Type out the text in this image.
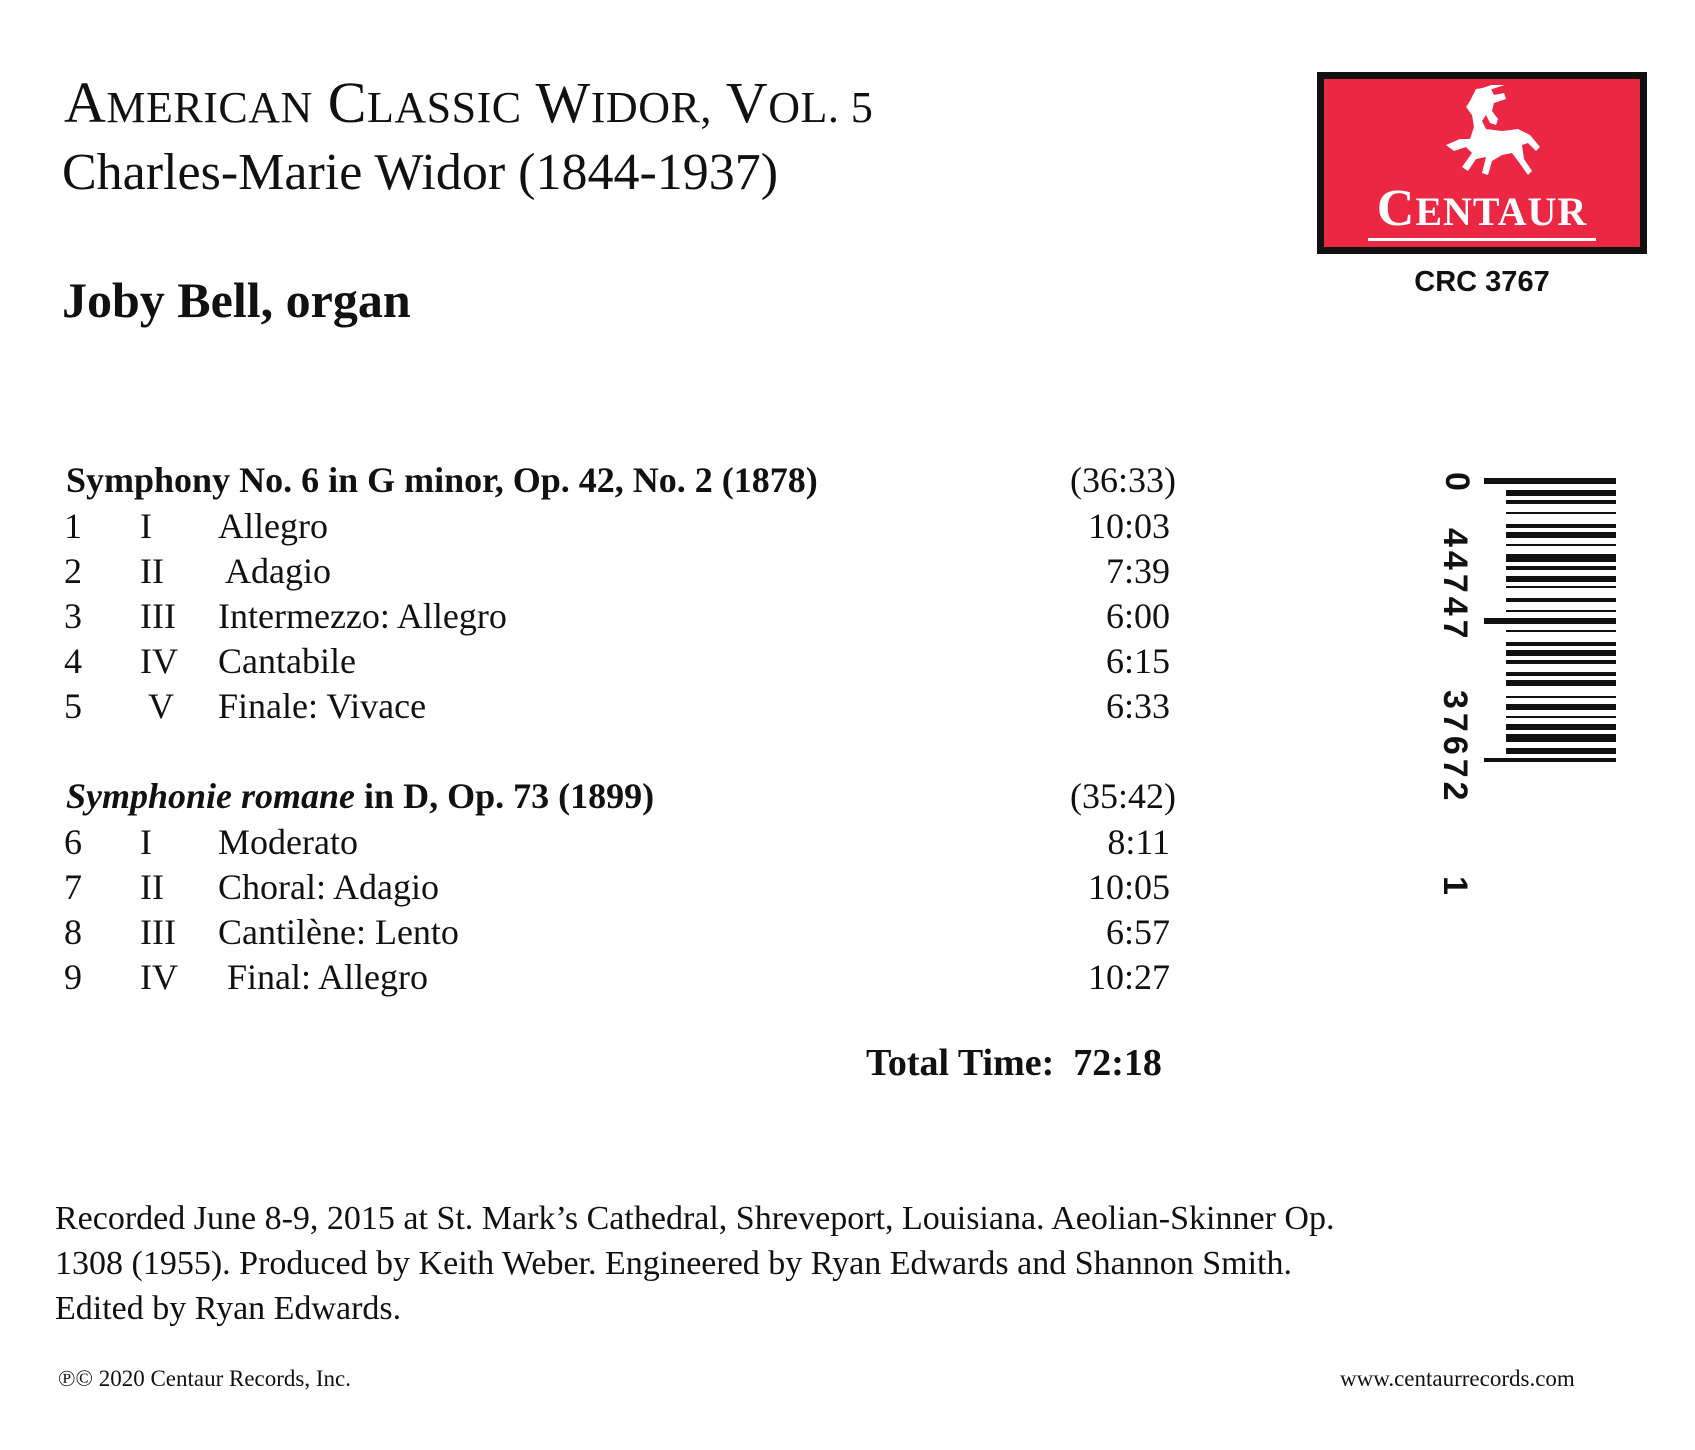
AMERICAN CLASSIC WIDOR, VOL. 5
Charles-Marie Widor (1844-1937)
Joby Bell, organ
CENTAUR
CRC 3767
Symphony No. 6 in G minor, Op. 42, No. 2 (1878)	(36:33)
1 I Allegro	10:03
2 II Adagio	7:39
3 III Intermezzo: Allegro	6:00
4 IV Cantabile	6:15
5 V Finale: Vivace	6:33
Symphonie romane in D, Op. 73 (1899)	(35:42)
6 I Moderato	8:11
7 II Choral: Adagio	10:05
8 III Cantilène: Lento	6:57
9 IV Final: Allegro	10:27
Total Time: 72:18
0
44747
37672
1
Recorded June 8-9, 2015 at St. Mark’s Cathedral, Shreveport, Louisiana. Aeolian-Skinner Op. 1308 (1955). Produced by Keith Weber. Engineered by Ryan Edwards and Shannon Smith. Edited by Ryan Edwards.
℗© 2020 Centaur Records, Inc.	www.centaurrecords.com
